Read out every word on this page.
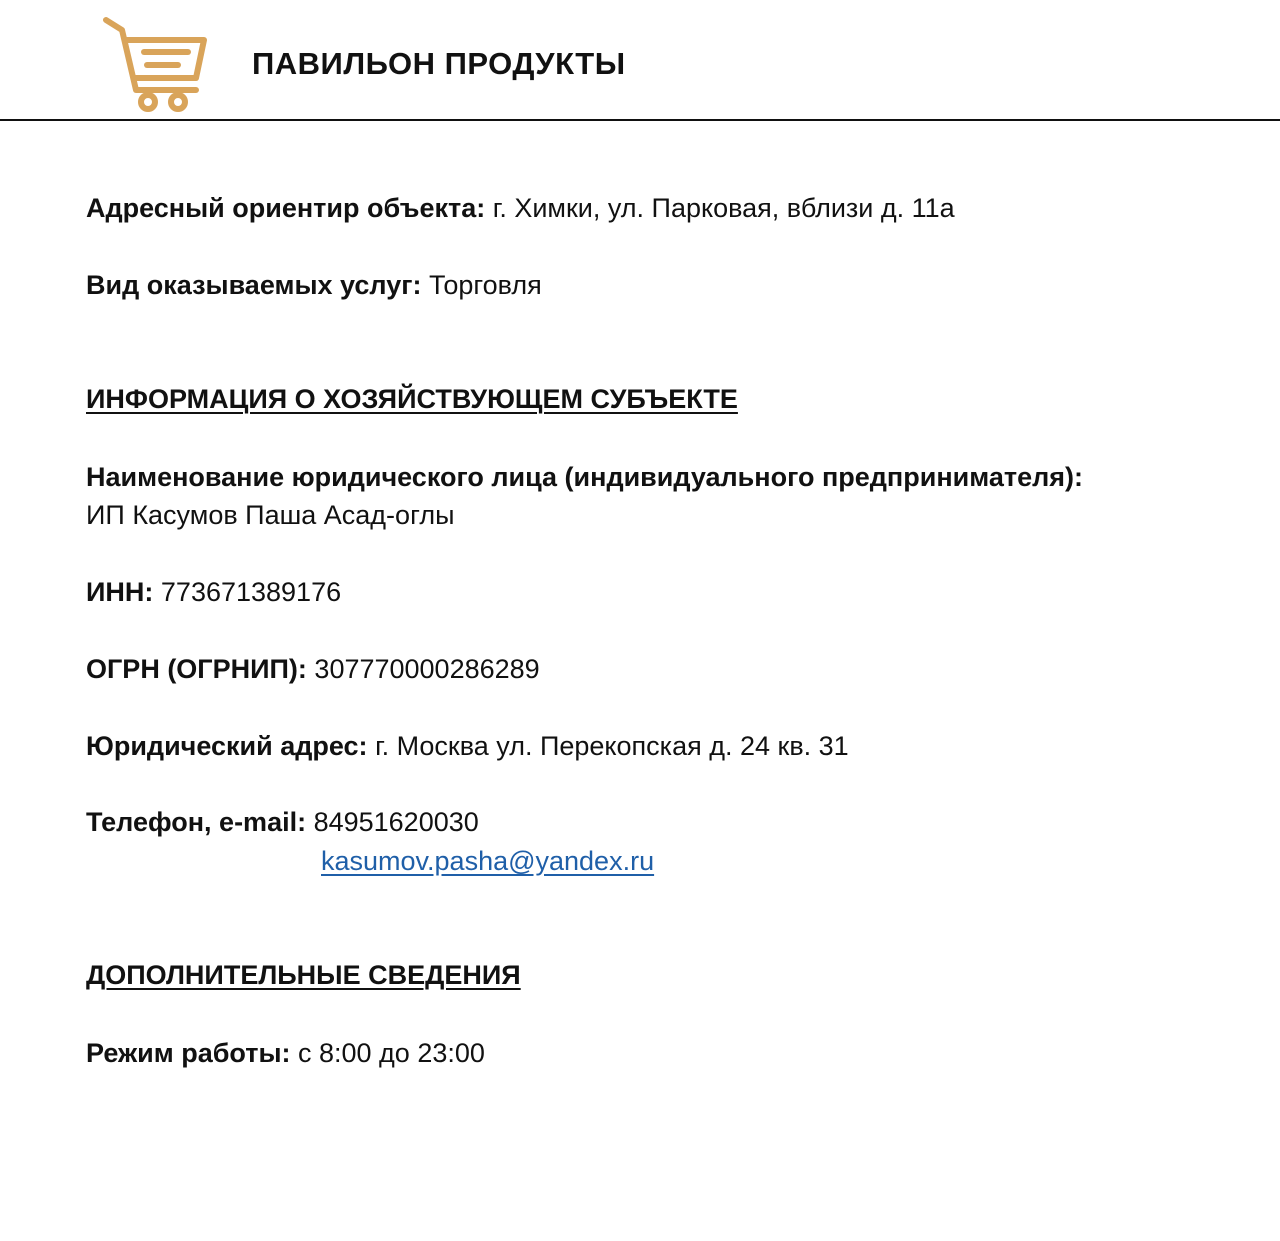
ПАВИЛЬОН ПРОДУКТЫ
Адресный ориентир объекта: г. Химки, ул. Парковая, вблизи д. 11а
Вид оказываемых услуг: Торговля
ИНФОРМАЦИЯ О ХОЗЯЙСТВУЮЩЕМ СУБЪЕКТЕ
Наименование юридического лица (индивидуального предпринимателя):
ИП Касумов Паша Асад-оглы
ИНН: 773671389176
ОГРН (ОГРНИП): 307770000286289
Юридический адрес: г. Москва ул. Перекопская д. 24 кв. 31
Телефон, e-mail: 84951620030
kasumov.pasha@yandex.ru
ДОПОЛНИТЕЛЬНЫЕ СВЕДЕНИЯ
Режим работы: с 8:00 до 23:00
